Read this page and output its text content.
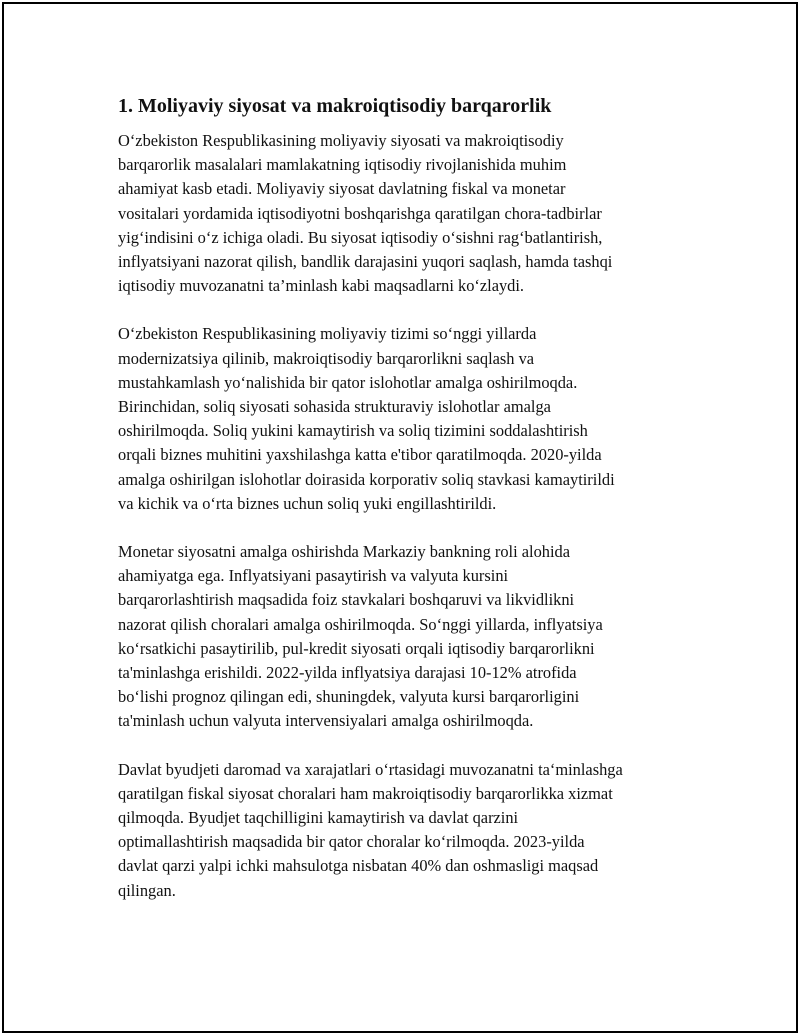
1. Moliyaviy siyosat va makroiqtisodiy barqarorlik

O‘zbekiston Respublikasining moliyaviy siyosati va makroiqtisodiy
barqarorlik masalalari mamlakatning iqtisodiy rivojlanishida muhim
ahamiyat kasb etadi. Moliyaviy siyosat davlatning fiskal va monetar
vositalari yordamida iqtisodiyotni boshqarishga qaratilgan chora-tadbirlar
yig‘indisini o‘z ichiga oladi. Bu siyosat iqtisodiy o‘sishni rag‘batlantirish,
inflyatsiyani nazorat qilish, bandlik darajasini yuqori saqlash, hamda tashqi
iqtisodiy muvozanatni ta’minlash kabi maqsadlarni ko‘zlaydi.

O‘zbekiston Respublikasining moliyaviy tizimi so‘nggi yillarda
modernizatsiya qilinib, makroiqtisodiy barqarorlikni saqlash va
mustahkamlash yo‘nalishida bir qator islohotlar amalga oshirilmoqda.
Birinchidan, soliq siyosati sohasida strukturaviy islohotlar amalga
oshirilmoqda. Soliq yukini kamaytirish va soliq tizimini soddalashtirish
orqali biznes muhitini yaxshilashga katta e'tibor qaratilmoqda. 2020-yilda
amalga oshirilgan islohotlar doirasida korporativ soliq stavkasi kamaytirildi
va kichik va o‘rta biznes uchun soliq yuki engillashtirildi.

Monetar siyosatni amalga oshirishda Markaziy bankning roli alohida
ahamiyatga ega. Inflyatsiyani pasaytirish va valyuta kursini
barqarorlashtirish maqsadida foiz stavkalari boshqaruvi va likvidlikni
nazorat qilish choralari amalga oshirilmoqda. So‘nggi yillarda, inflyatsiya
ko‘rsatkichi pasaytirilib, pul-kredit siyosati orqali iqtisodiy barqarorlikni
ta'minlashga erishildi. 2022-yilda inflyatsiya darajasi 10-12% atrofida
bo‘lishi prognoz qilingan edi, shuningdek, valyuta kursi barqarorligini
ta'minlash uchun valyuta intervensiyalari amalga oshirilmoqda.

Davlat byudjeti daromad va xarajatlari o‘rtasidagi muvozanatni ta‘minlashga
qaratilgan fiskal siyosat choralari ham makroiqtisodiy barqarorlikka xizmat
qilmoqda. Byudjet taqchilligini kamaytirish va davlat qarzini
optimallashtirish maqsadida bir qator choralar ko‘rilmoqda. 2023-yilda
davlat qarzi yalpi ichki mahsulotga nisbatan 40% dan oshmasligi maqsad
qilingan.
